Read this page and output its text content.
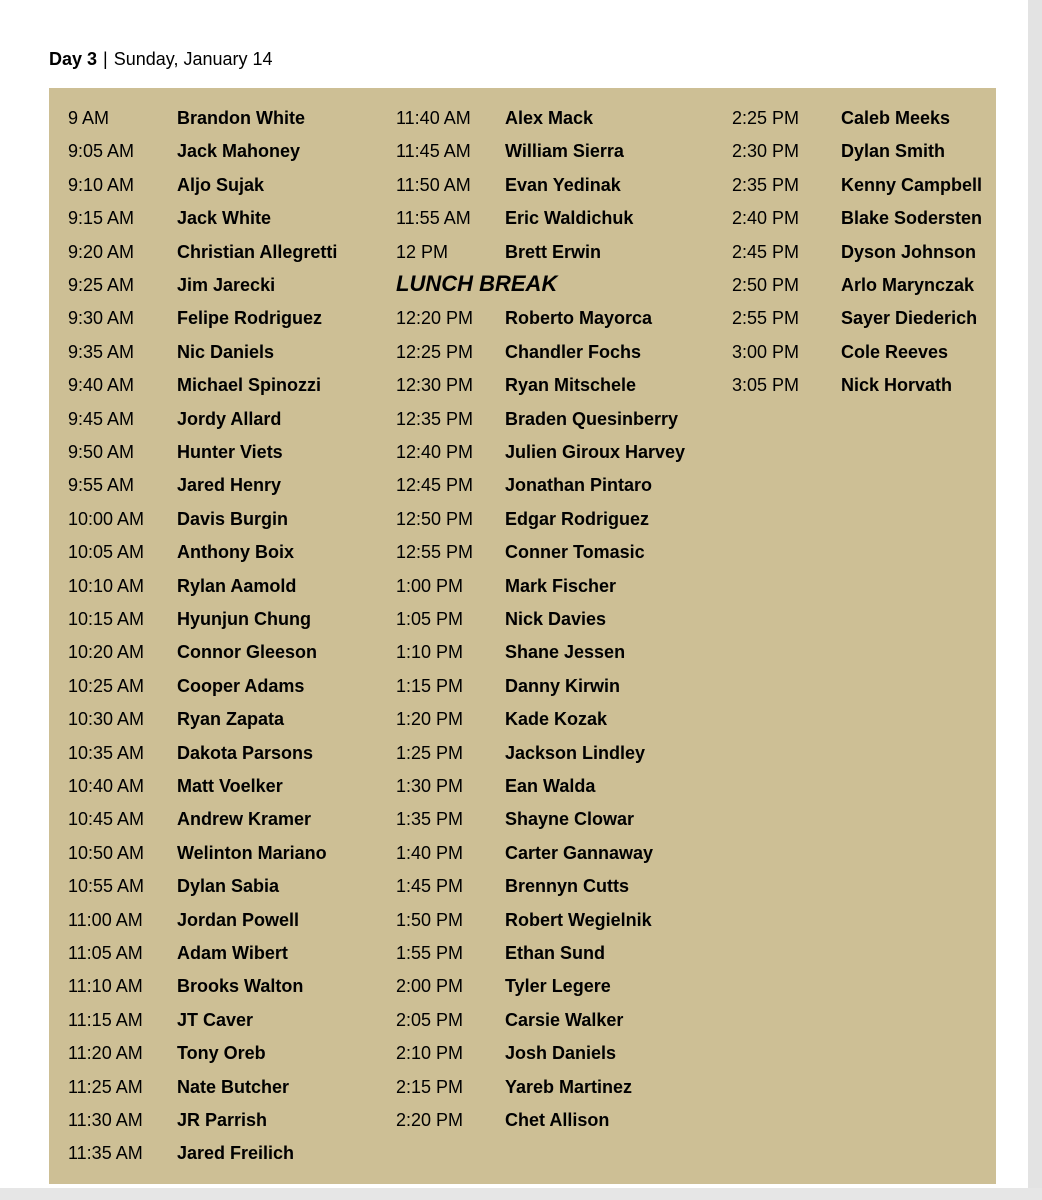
Day 3 | Sunday, January 14
9 AM	Brandon White
9:05 AM Jack Mahoney
9:10 AM Aljo Sujak
9:15 AM Jack White
9:20 AM Christian Allegretti
9:25 AM Jim Jarecki
9:30 AM Felipe Rodriguez
9:35 AM Nic Daniels
9:40 AM Michael Spinozzi
9:45 AM Jordy Allard
9:50 AM Hunter Viets
9:55 AM Jared Henry
10:00 AM Davis Burgin
10:05 AM Anthony Boix
10:10 AM Rylan Aamold
10:15 AM Hyunjun Chung
10:20 AM Connor Gleeson
10:25 AM Cooper Adams
10:30 AM Ryan Zapata
10:35 AM Dakota Parsons
10:40 AM Matt Voelker
10:45 AM Andrew Kramer
10:50 AM Welinton Mariano
10:55 AM Dylan Sabia
11:00 AM Jordan Powell
11:05 AM Adam Wibert
11:10 AM Brooks Walton
11:15 AM JT Caver
11:20 AM Tony Oreb
11:25 AM Nate Butcher
11:30 AM JR Parrish
11:35 AM Jared Freilich
LUNCH BREAK
11:40 AM Alex Mack
11:45 AM William Sierra
11:50 AM Evan Yedinak
11:55 AM Eric Waldichuk
12 PM	Brett Erwin
12:20 PM Roberto Mayorca
12:25 PM Chandler Fochs
12:30 PM Ryan Mitschele
12:35 PM Braden Quesinberry
12:40 PM Julien Giroux Harvey
12:45 PM Jonathan Pintaro
12:50 PM Edgar Rodriguez
12:55 PM Conner Tomasic
1:00 PM Mark Fischer
1:05 PM Nick Davies
1:10 PM Shane Jessen
1:15 PM Danny Kirwin
1:20 PM Kade Kozak
1:25 PM Jackson Lindley
1:30 PM Ean Walda
1:35 PM Shayne Clowar
1:40 PM Carter Gannaway
1:45 PM Brennyn Cutts
1:50 PM Robert Wegielnik
1:55 PM Ethan Sund
2:00 PM Tyler Legere
2:05 PM Carsie Walker
2:10 PM Josh Daniels
2:15 PM Yareb Martinez
2:20 PM Chet Allison
2:25 PM Caleb Meeks
2:30 PM Dylan Smith
2:35 PM Kenny Campbell
2:40 PM Blake Sodersten
2:45 PM Dyson Johnson
2:50 PM Arlo Marynczak
2:55 PM Sayer Diederich
3:00 PM Cole Reeves
3:05 PM Nick Horvath
